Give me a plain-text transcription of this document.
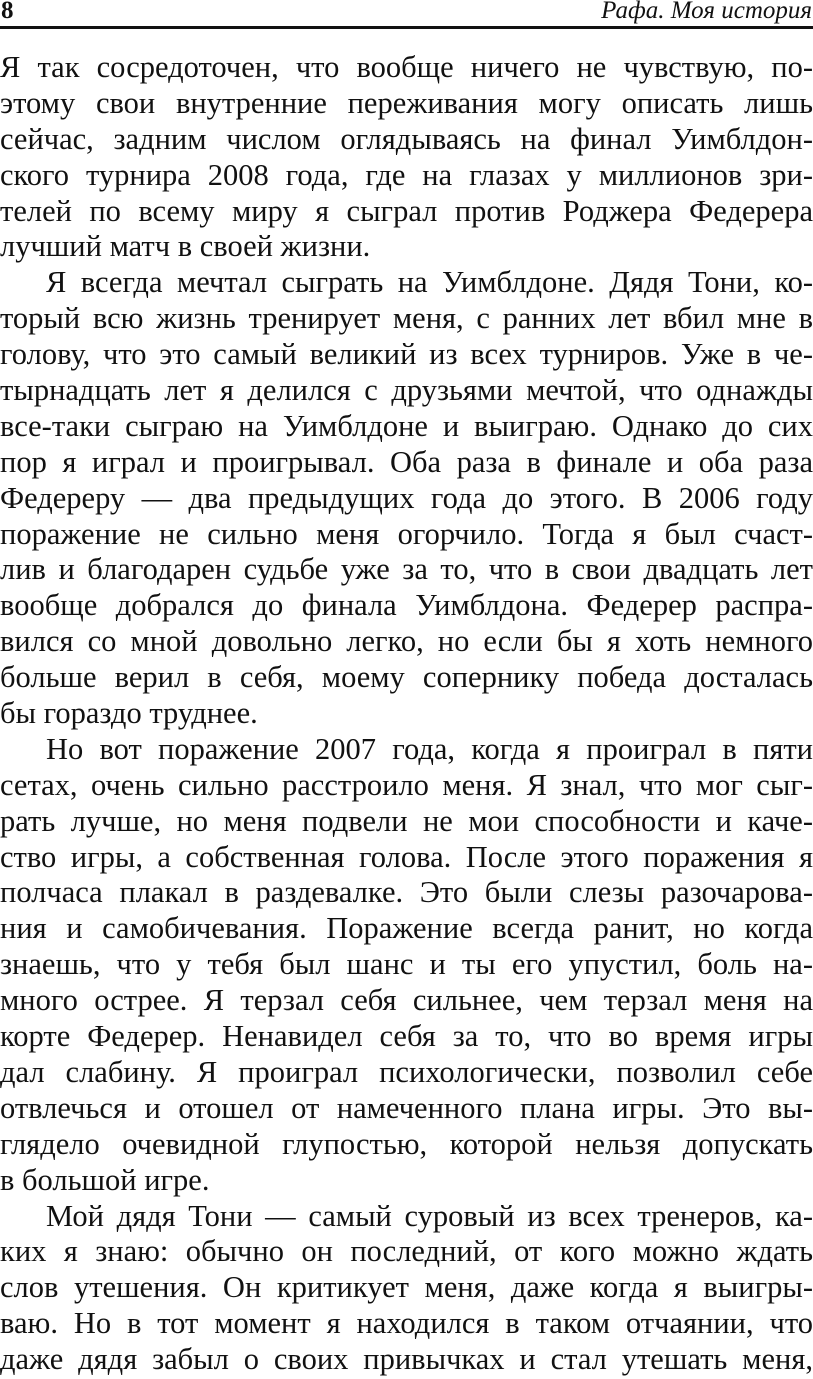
8	Рафа. Моя история
Я так сосредоточен, что вообще ничего не чувствую, по-
этому свои внутренние переживания могу описать лишь
сейчас, задним числом оглядываясь на финал Уимблдон-
ского турнира 2008 года, где на глазах у миллионов зри-
телей по всему миру я сыграл против Роджера Федерера
лучший матч в своей жизни.
Я всегда мечтал сыграть на Уимблдоне. Дядя Тони, ко-
торый всю жизнь тренирует меня, с ранних лет вбил мне в
голову, что это самый великий из всех турниров. Уже в че-
тырнадцать лет я делился с друзьями мечтой, что однажды
все-таки сыграю на Уимблдоне и выиграю. Однако до сих
пор я играл и проигрывал. Оба раза в финале и оба раза
Федереру — два предыдущих года до этого. В 2006 году
поражение не сильно меня огорчило. Тогда я был счаст-
лив и благодарен судьбе уже за то, что в свои двадцать лет
вообще добрался до финала Уимблдона. Федерер распра-
вился со мной довольно легко, но если бы я хоть немного
больше верил в себя, моему сопернику победа досталась
бы гораздо труднее.
Но вот поражение 2007 года, когда я проиграл в пяти
сетах, очень сильно расстроило меня. Я знал, что мог сыг-
рать лучше, но меня подвели не мои способности и каче-
ство игры, а собственная голова. После этого поражения я
полчаса плакал в раздевалке. Это были слезы разочарова-
ния и самобичевания. Поражение всегда ранит, но когда
знаешь, что у тебя был шанс и ты его упустил, боль на-
много острее. Я терзал себя сильнее, чем терзал меня на
корте Федерер. Ненавидел себя за то, что во время игры
дал слабину. Я проиграл психологически, позволил себе
отвлечься и отошел от намеченного плана игры. Это вы-
глядело очевидной глупостью, которой нельзя допускать
в большой игре.
Мой дядя Тони — самый суровый из всех тренеров, ка-
ких я знаю: обычно он последний, от кого можно ждать
слов утешения. Он критикует меня, даже когда я выигры-
ваю. Но в тот момент я находился в таком отчаянии, что
даже дядя забыл о своих привычках и стал утешать меня,
